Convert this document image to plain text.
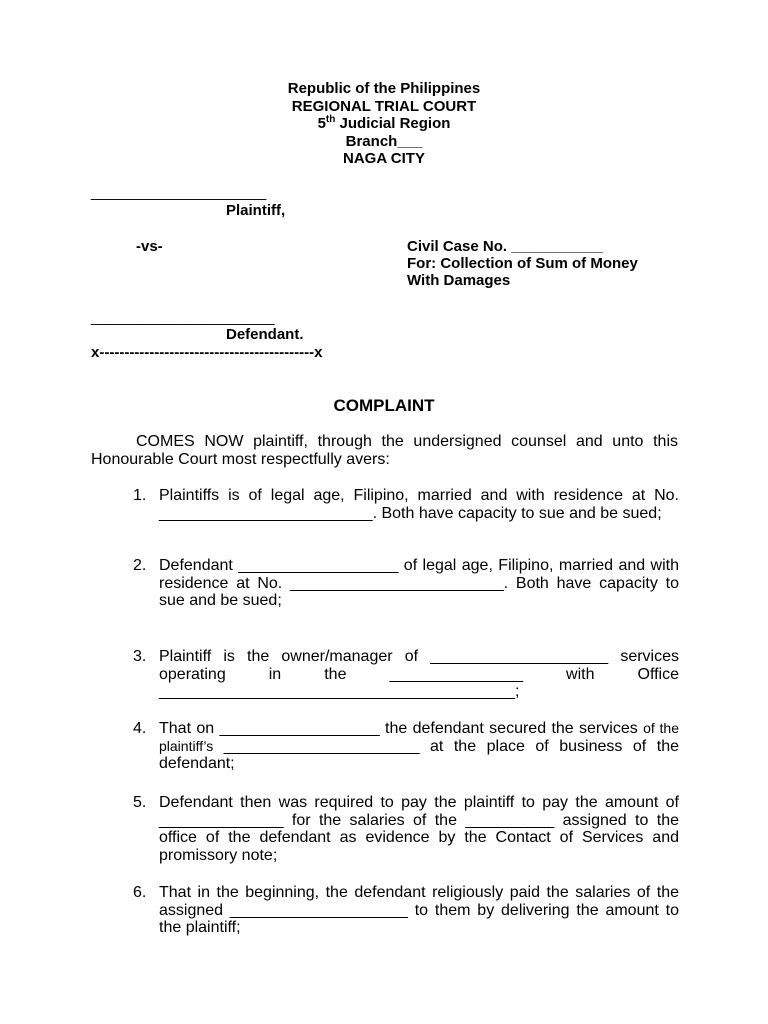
Republic of the Philippines
REGIONAL TRIAL COURT
5th Judicial Region
Branch___
NAGA CITY
_____________________
Plaintiff,
-vs-	Civil Case No. ___________
For: Collection of Sum of Money
With Damages
______________________
Defendant.
x-------------------------------------------x
COMPLAINT
COMES NOW plaintiff, through the undersigned counsel and unto this Honourable Court most respectfully avers:
1. Plaintiffs is of legal age, Filipino, married and with residence at No. ________________________. Both have capacity to sue and be sued;
2. Defendant __________________ of legal age, Filipino, married and with residence at No. ________________________. Both have capacity to sue and be sued;
3. Plaintiff is the owner/manager of ____________________ services operating in the _______________ with Office ________________________________________;
4. That on __________________ the defendant secured the services of the plaintiff’s ______________________ at the place of business of the defendant;
5. Defendant then was required to pay the plaintiff to pay the amount of ______________ for the salaries of the __________ assigned to the office of the defendant as evidence by the Contact of Services and promissory note;
6. That in the beginning, the defendant religiously paid the salaries of the assigned ____________________ to them by delivering the amount to the plaintiff;
